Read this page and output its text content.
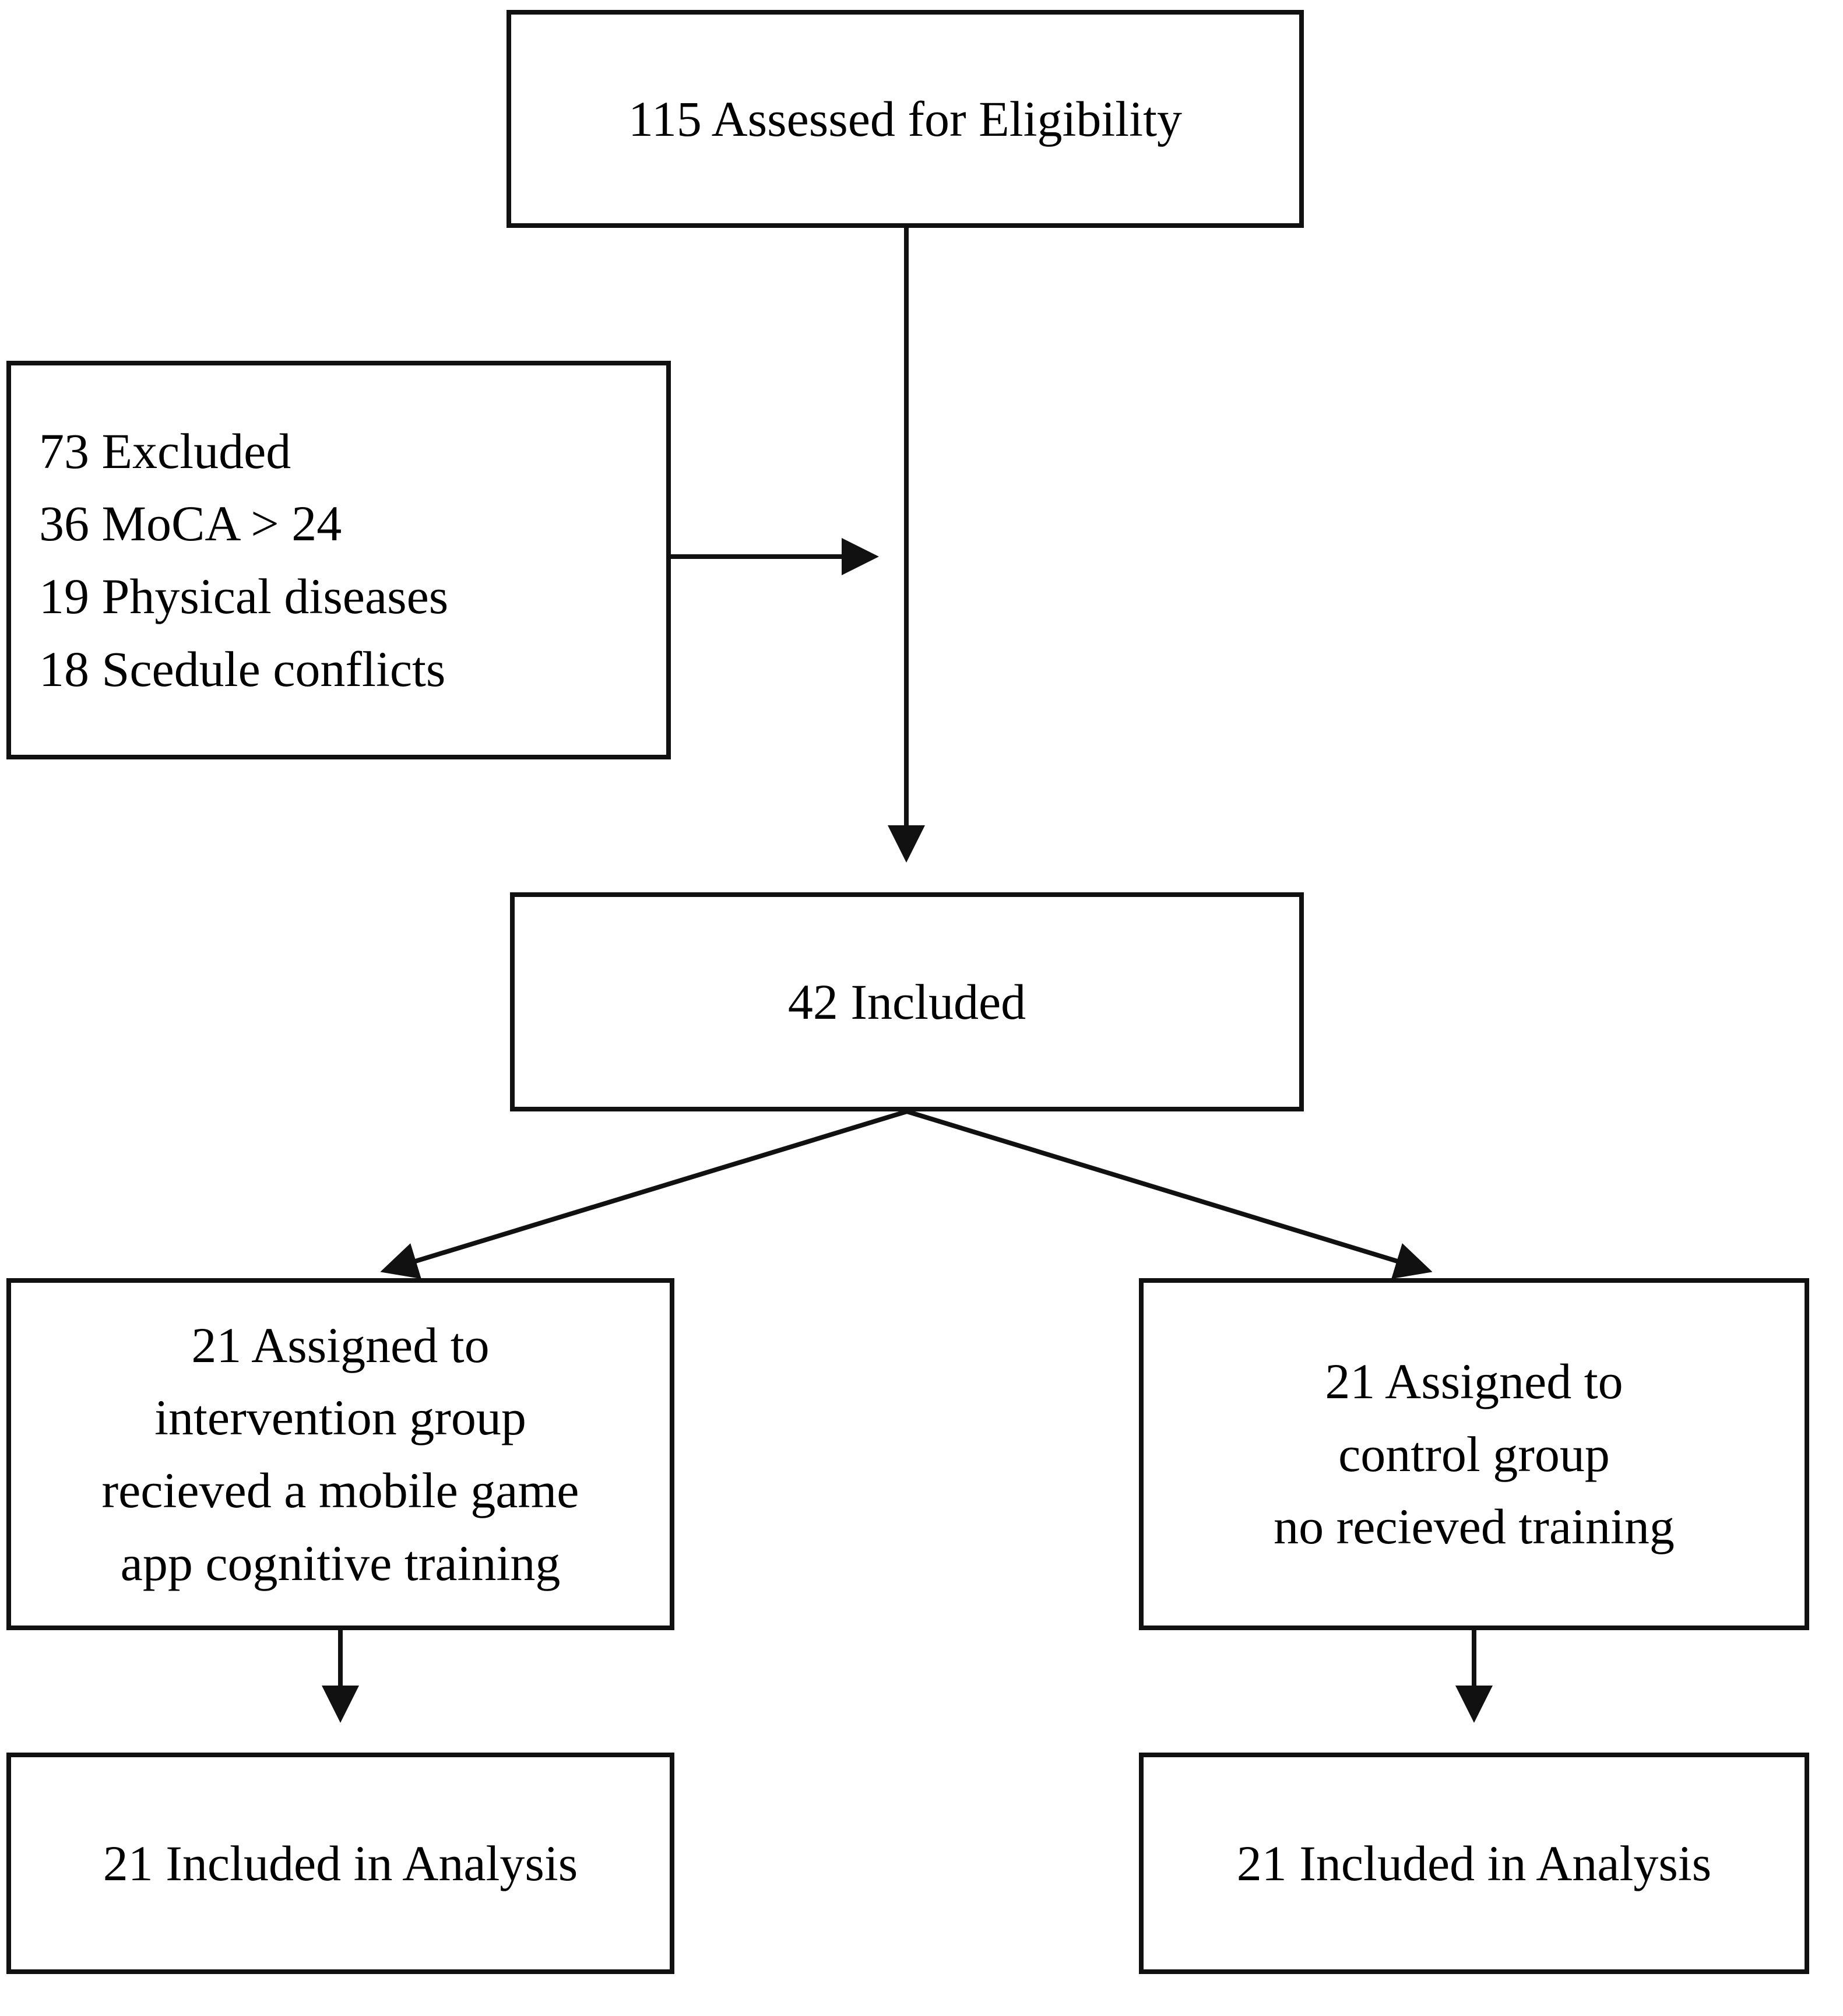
115 Assessed for Eligibility
73 Excluded
36 MoCA > 24
19 Physical diseases
18 Scedule conflicts
42 Included
21 Assigned to
intervention group
recieved a mobile game
app cognitive training
21 Assigned to
control group
no recieved training
21 Included in Analysis	21 Included in Analysis
